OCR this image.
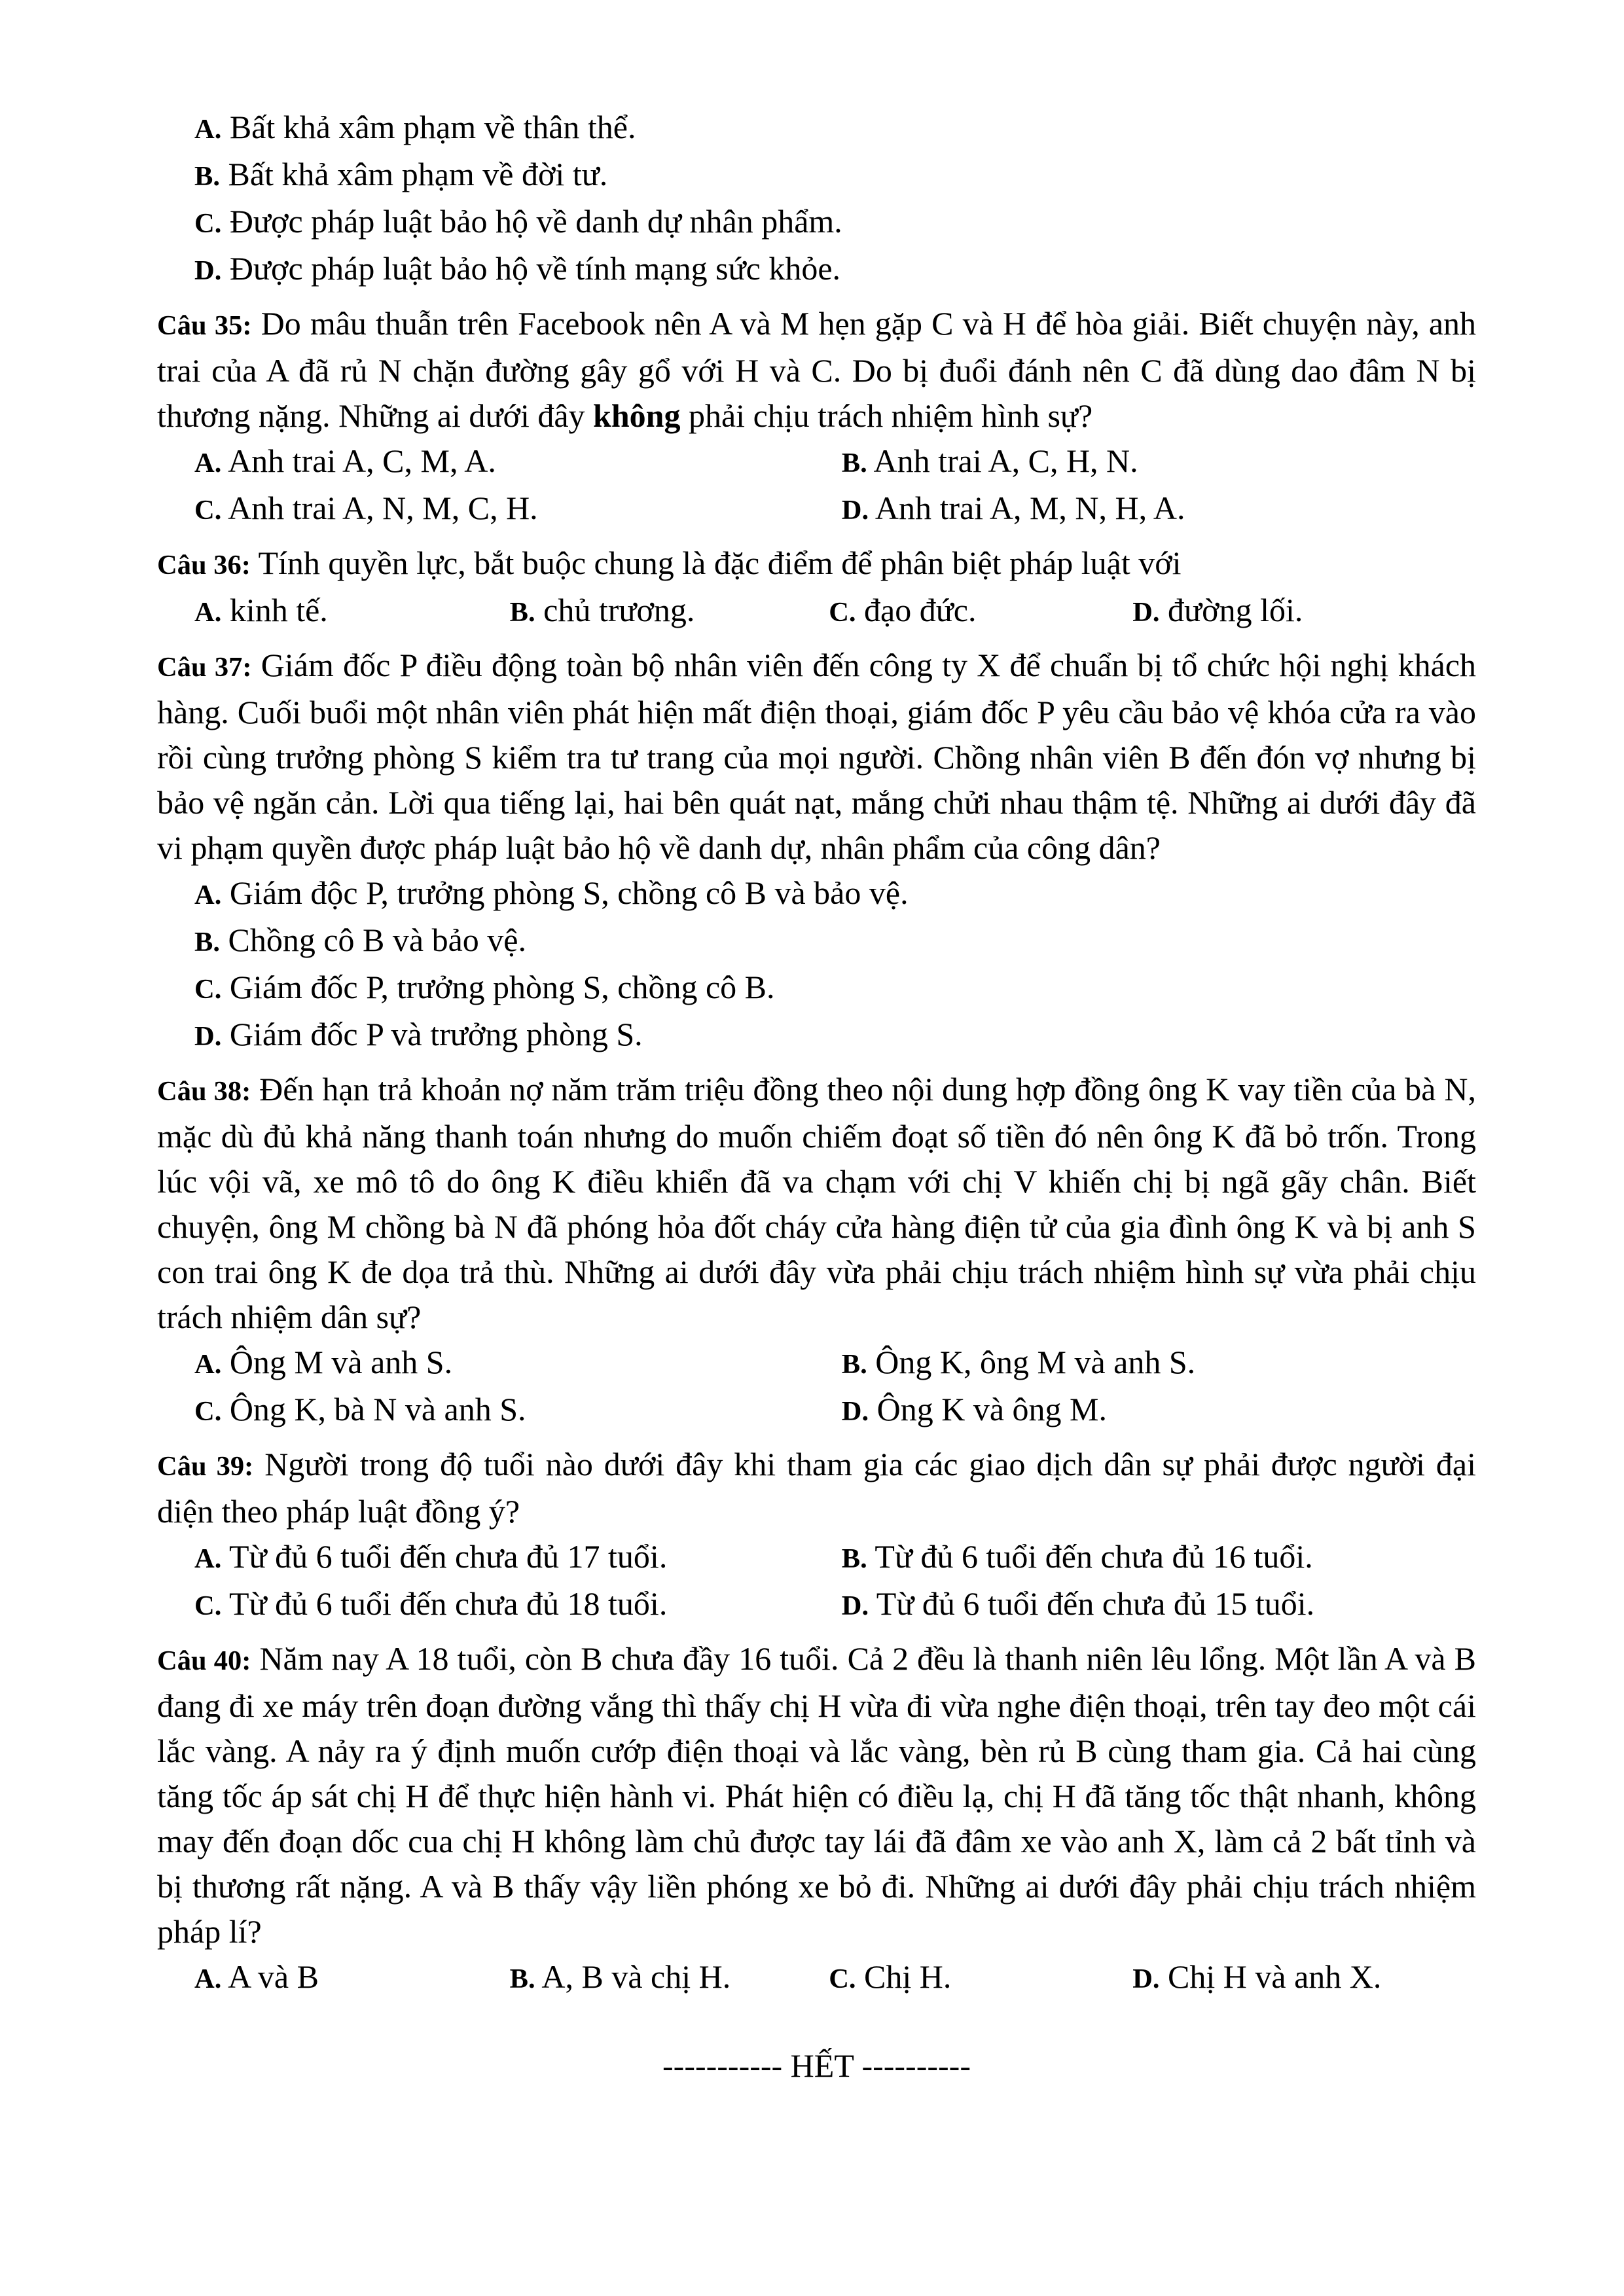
A. Bất khả xâm phạm về thân thể.

B. Bất khả xâm phạm về đời tư.

C. Được pháp luật bảo hộ về danh dự nhân phẩm.

D. Được pháp luật bảo hộ về tính mạng sức khỏe.

Câu 35: Do mâu thuẫn trên Facebook nên A và M hẹn gặp C và H để hòa giải. Biết chuyện này, anh trai của A đã rủ N chặn đường gây gổ với H và C. Do bị đuổi đánh nên C đã dùng dao đâm N bị thương nặng. Những ai dưới đây không phải chịu trách nhiệm hình sự?

A. Anh trai A, C, M, A.	B. Anh trai A, C, H, N.

C. Anh trai A, N, M, C, H.	D. Anh trai A, M, N, H, A.

Câu 36: Tính quyền lực, bắt buộc chung là đặc điểm để phân biệt pháp luật với

A. kinh tế.	B. chủ trương.	C. đạo đức.	D. đường lối.

Câu 37: Giám đốc P điều động toàn bộ nhân viên đến công ty X để chuẩn bị tổ chức hội nghị khách hàng. Cuối buổi một nhân viên phát hiện mất điện thoại, giám đốc P yêu cầu bảo vệ khóa cửa ra vào rồi cùng trưởng phòng S kiểm tra tư trang của mọi người. Chồng nhân viên B đến đón vợ nhưng bị bảo vệ ngăn cản. Lời qua tiếng lại, hai bên quát nạt, mắng chửi nhau thậm tệ. Những ai dưới đây đã vi phạm quyền được pháp luật bảo hộ về danh dự, nhân phẩm của công dân?

A. Giám độc P, trưởng phòng S, chồng cô B và bảo vệ.

B. Chồng cô B và bảo vệ.

C. Giám đốc P, trưởng phòng S, chồng cô B.

D. Giám đốc P và trưởng phòng S.

Câu 38: Đến hạn trả khoản nợ năm trăm triệu đồng theo nội dung hợp đồng ông K vay tiền của bà N, mặc dù đủ khả năng thanh toán nhưng do muốn chiếm đoạt số tiền đó nên ông K đã bỏ trốn. Trong lúc vội vã, xe mô tô do ông K điều khiển đã va chạm với chị V khiến chị bị ngã gãy chân. Biết chuyện, ông M chồng bà N đã phóng hỏa đốt cháy cửa hàng điện tử của gia đình ông K và bị anh S con trai ông K đe dọa trả thù. Những ai dưới đây vừa phải chịu trách nhiệm hình sự vừa phải chịu trách nhiệm dân sự?

A. Ông M và anh S.	B. Ông K, ông M và anh S.

C. Ông K, bà N và anh S.	D. Ông K và ông M.

Câu 39: Người trong độ tuổi nào dưới đây khi tham gia các giao dịch dân sự phải được người đại diện theo pháp luật đồng ý?

A. Từ đủ 6 tuổi đến chưa đủ 17 tuổi.	B. Từ đủ 6 tuổi đến chưa đủ 16 tuổi.

C. Từ đủ 6 tuổi đến chưa đủ 18 tuổi.	D. Từ đủ 6 tuổi đến chưa đủ 15 tuổi.

Câu 40: Năm nay A 18 tuổi, còn B chưa đầy 16 tuổi. Cả 2 đều là thanh niên lêu lổng. Một lần A và B đang đi xe máy trên đoạn đường vắng thì thấy chị H vừa đi vừa nghe điện thoại, trên tay đeo một cái lắc vàng. A nảy ra ý định muốn cướp điện thoại và lắc vàng, bèn rủ B cùng tham gia. Cả hai cùng tăng tốc áp sát chị H để thực hiện hành vi. Phát hiện có điều lạ, chị H đã tăng tốc thật nhanh, không may đến đoạn dốc cua chị H không làm chủ được tay lái đã đâm xe vào anh X, làm cả 2 bất tỉnh và bị thương rất nặng. A và B thấy vậy liền phóng xe bỏ đi. Những ai dưới đây phải chịu trách nhiệm pháp lí?

A. A và B	B. A, B và chị H.	C. Chị H.	D. Chị H và anh X.

----------- HẾT ----------
